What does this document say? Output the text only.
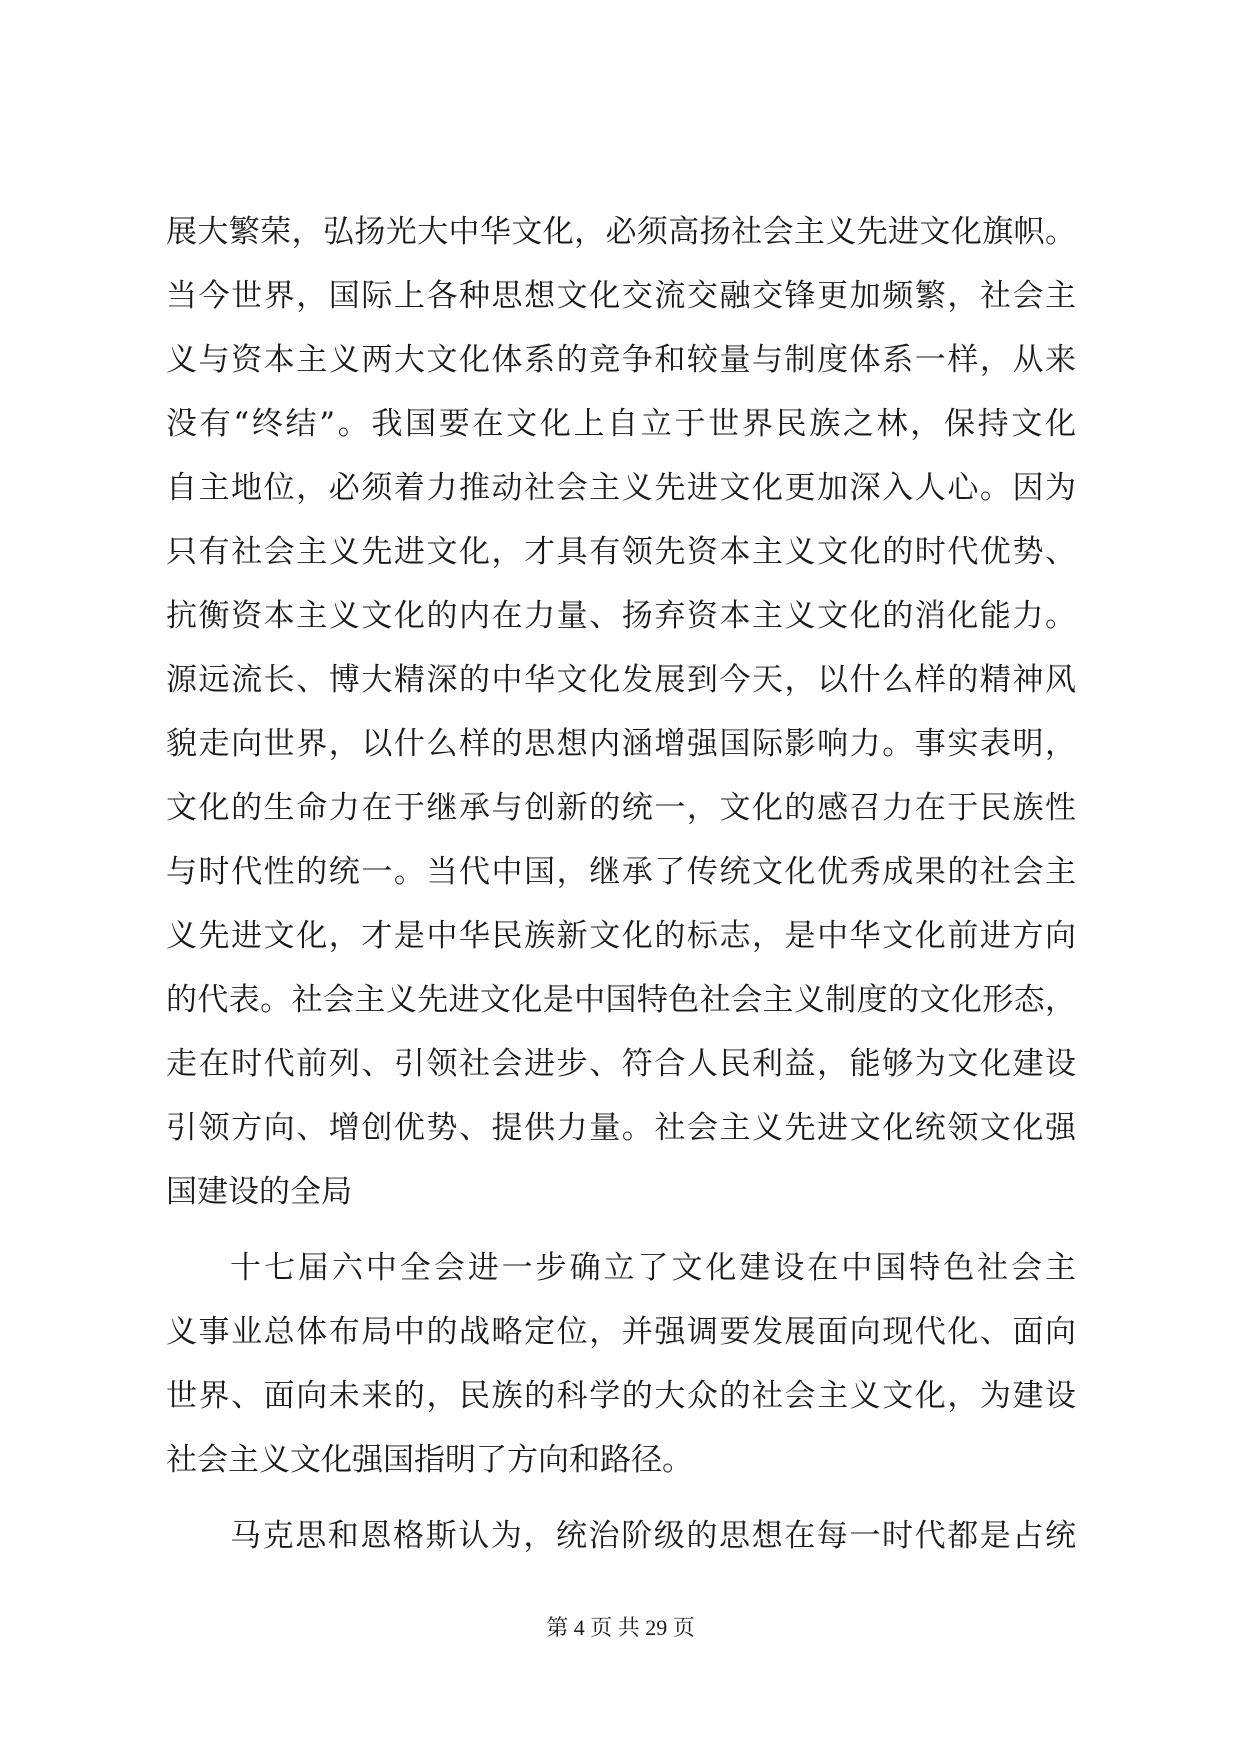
展大繁荣，弘扬光大中华文化，必须高扬社会主义先进文化旗帜。
当今世界，国际上各种思想文化交流交融交锋更加频繁，社会主
义与资本主义两大文化体系的竞争和较量与制度体系一样，从来
没有“终结”。我国要在文化上自立于世界民族之林，保持文化
自主地位，必须着力推动社会主义先进文化更加深入人心。因为
只有社会主义先进文化，才具有领先资本主义文化的时代优势、
抗衡资本主义文化的内在力量、扬弃资本主义文化的消化能力。
源远流长、博大精深的中华文化发展到今天，以什么样的精神风
貌走向世界，以什么样的思想内涵增强国际影响力。事实表明，
文化的生命力在于继承与创新的统一，文化的感召力在于民族性
与时代性的统一。当代中国，继承了传统文化优秀成果的社会主
义先进文化，才是中华民族新文化的标志，是中华文化前进方向
的代表。社会主义先进文化是中国特色社会主义制度的文化形态，
走在时代前列、引领社会进步、符合人民利益，能够为文化建设
引领方向、增创优势、提供力量。社会主义先进文化统领文化强
国建设的全局
十七届六中全会进一步确立了文化建设在中国特色社会主
义事业总体布局中的战略定位，并强调要发展面向现代化、面向
世界、面向未来的，民族的科学的大众的社会主义文化，为建设
社会主义文化强国指明了方向和路径。
马克思和恩格斯认为，统治阶级的思想在每一时代都是占统
第 4 页 共 29 页
